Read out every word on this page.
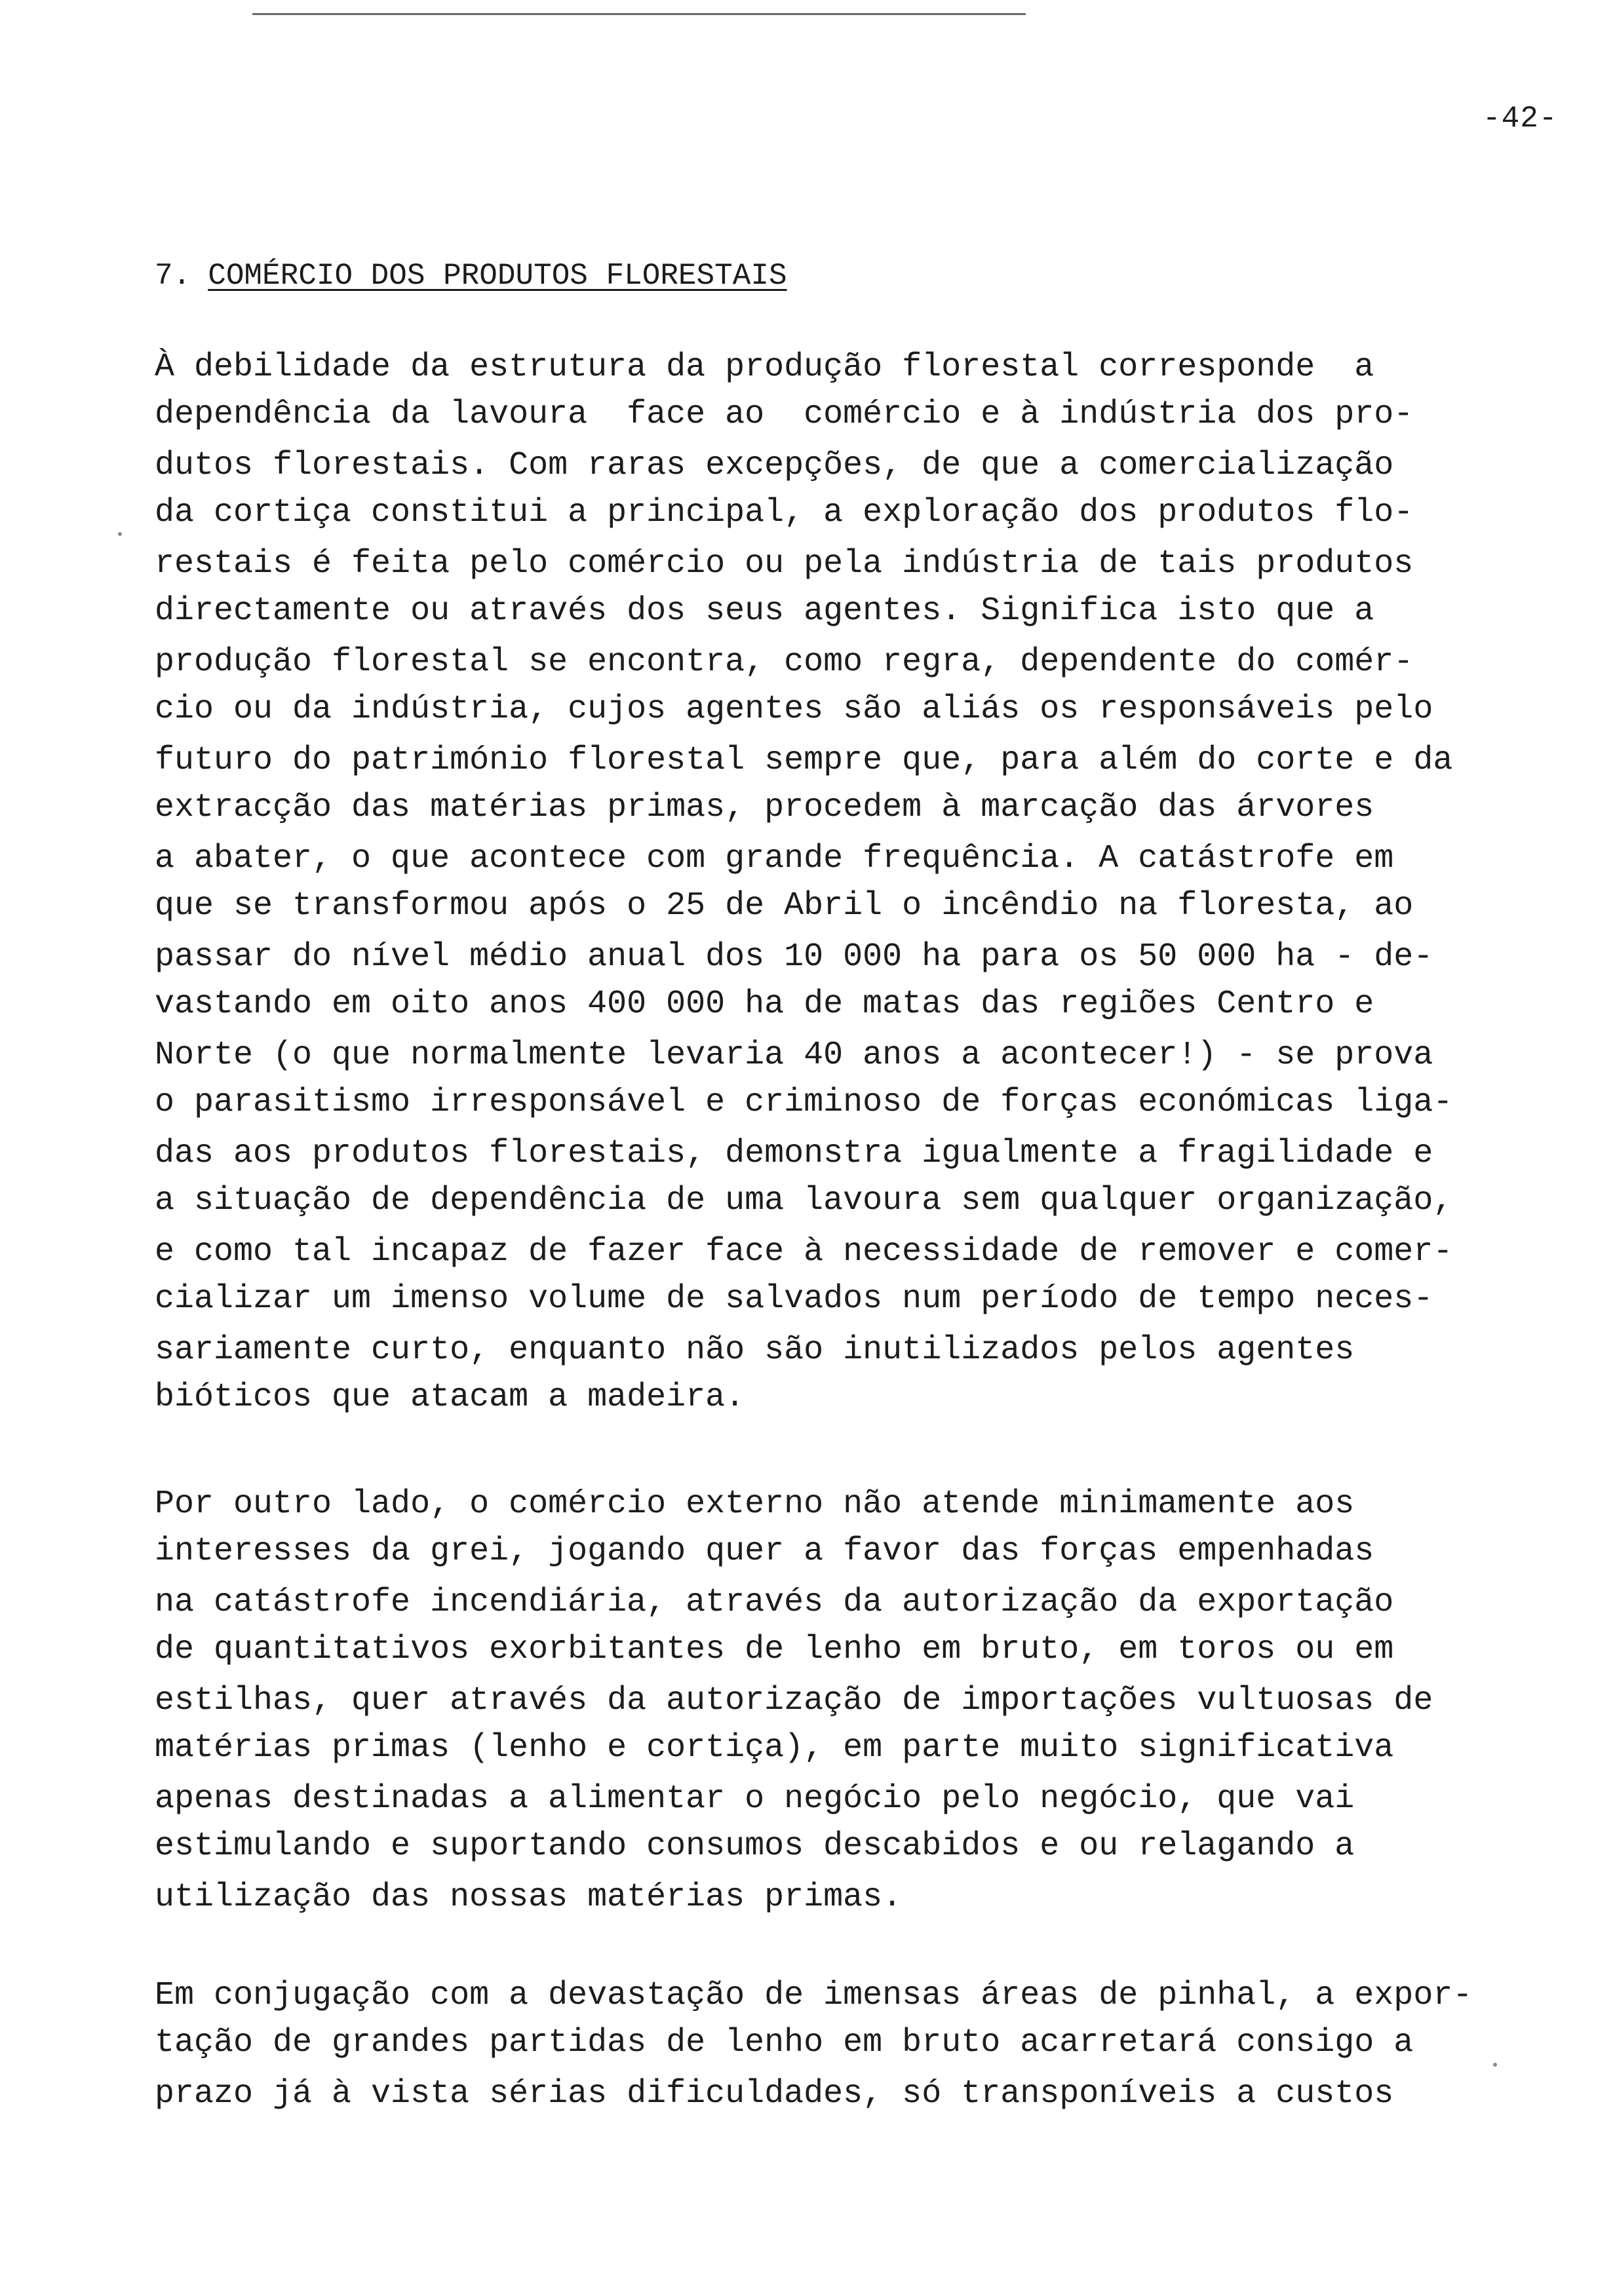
-42-
7. COMÉRCIO DOS PRODUTOS FLORESTAIS
À debilidade da estrutura da produção florestal corresponde  a
dependência da lavoura  face ao  comércio e à indústria dos pro-
dutos florestais. Com raras excepções, de que a comercialização
da cortiça constitui a principal, a exploração dos produtos flo-
restais é feita pelo comércio ou pela indústria de tais produtos
directamente ou através dos seus agentes. Significa isto que a
produção florestal se encontra, como regra, dependente do comér-
cio ou da indústria, cujos agentes são aliás os responsáveis pelo
futuro do património florestal sempre que, para além do corte e da
extracção das matérias primas, procedem à marcação das árvores
a abater, o que acontece com grande frequência. A catástrofe em
que se transformou após o 25 de Abril o incêndio na floresta, ao
passar do nível médio anual dos 10 000 ha para os 50 000 ha - de-
vastando em oito anos 400 000 ha de matas das regiões Centro e
Norte (o que normalmente levaria 40 anos a acontecer!) - se prova
o parasitismo irresponsável e criminoso de forças económicas liga-
das aos produtos florestais, demonstra igualmente a fragilidade e
a situação de dependência de uma lavoura sem qualquer organização,
e como tal incapaz de fazer face à necessidade de remover e comer-
cializar um imenso volume de salvados num período de tempo neces-
sariamente curto, enquanto não são inutilizados pelos agentes
bióticos que atacam a madeira.
Por outro lado, o comércio externo não atende minimamente aos
interesses da grei, jogando quer a favor das forças empenhadas
na catástrofe incendiária, através da autorização da exportação
de quantitativos exorbitantes de lenho em bruto, em toros ou em
estilhas, quer através da autorização de importações vultuosas de
matérias primas (lenho e cortiça), em parte muito significativa
apenas destinadas a alimentar o negócio pelo negócio, que vai
estimulando e suportando consumos descabidos e ou relagando a
utilização das nossas matérias primas.
Em conjugação com a devastação de imensas áreas de pinhal, a expor-
tação de grandes partidas de lenho em bruto acarretará consigo a
prazo já à vista sérias dificuldades, só transponíveis a custos
